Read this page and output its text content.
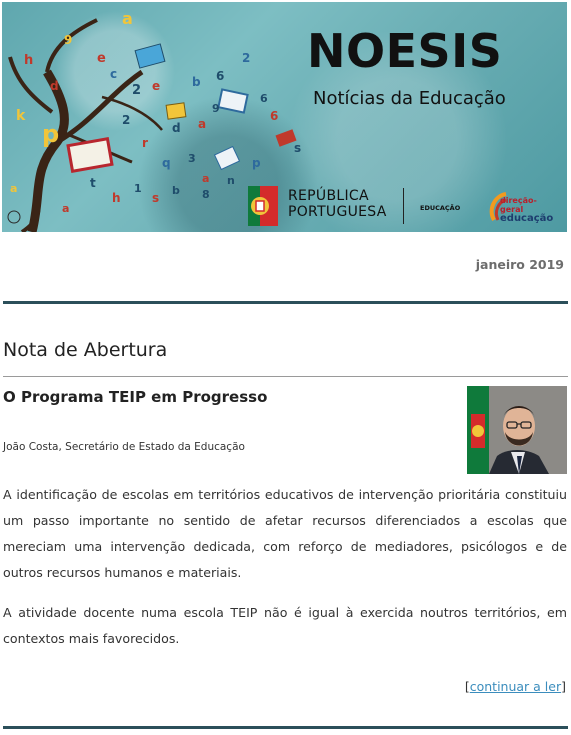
a
9
e
c
h
d
k
p
2 e	b 6
d a
2
r
q 3	p
6
s
t
h
1
s
b
a
8
n
a
a
2
6
9
NOESIS
Notícias da Educação
REPÚBLICA
PORTUGUESA	EDUCAÇÃO
direção-geral
educação
janeiro 2019
Nota de Abertura
O Programa TEIP em Progresso
João Costa, Secretário de Estado da Educação

A identificação de escolas em territórios educativos de intervenção prioritária constituiu um passo importante no sentido de afetar recursos diferenciados a escolas que mereciam uma intervenção dedicada, com reforço de mediadores, psicólogos e de outros recursos humanos e materiais.

A atividade docente numa escola TEIP não é igual à exercida noutros territórios, em contextos mais favorecidos.

[continuar a ler]
